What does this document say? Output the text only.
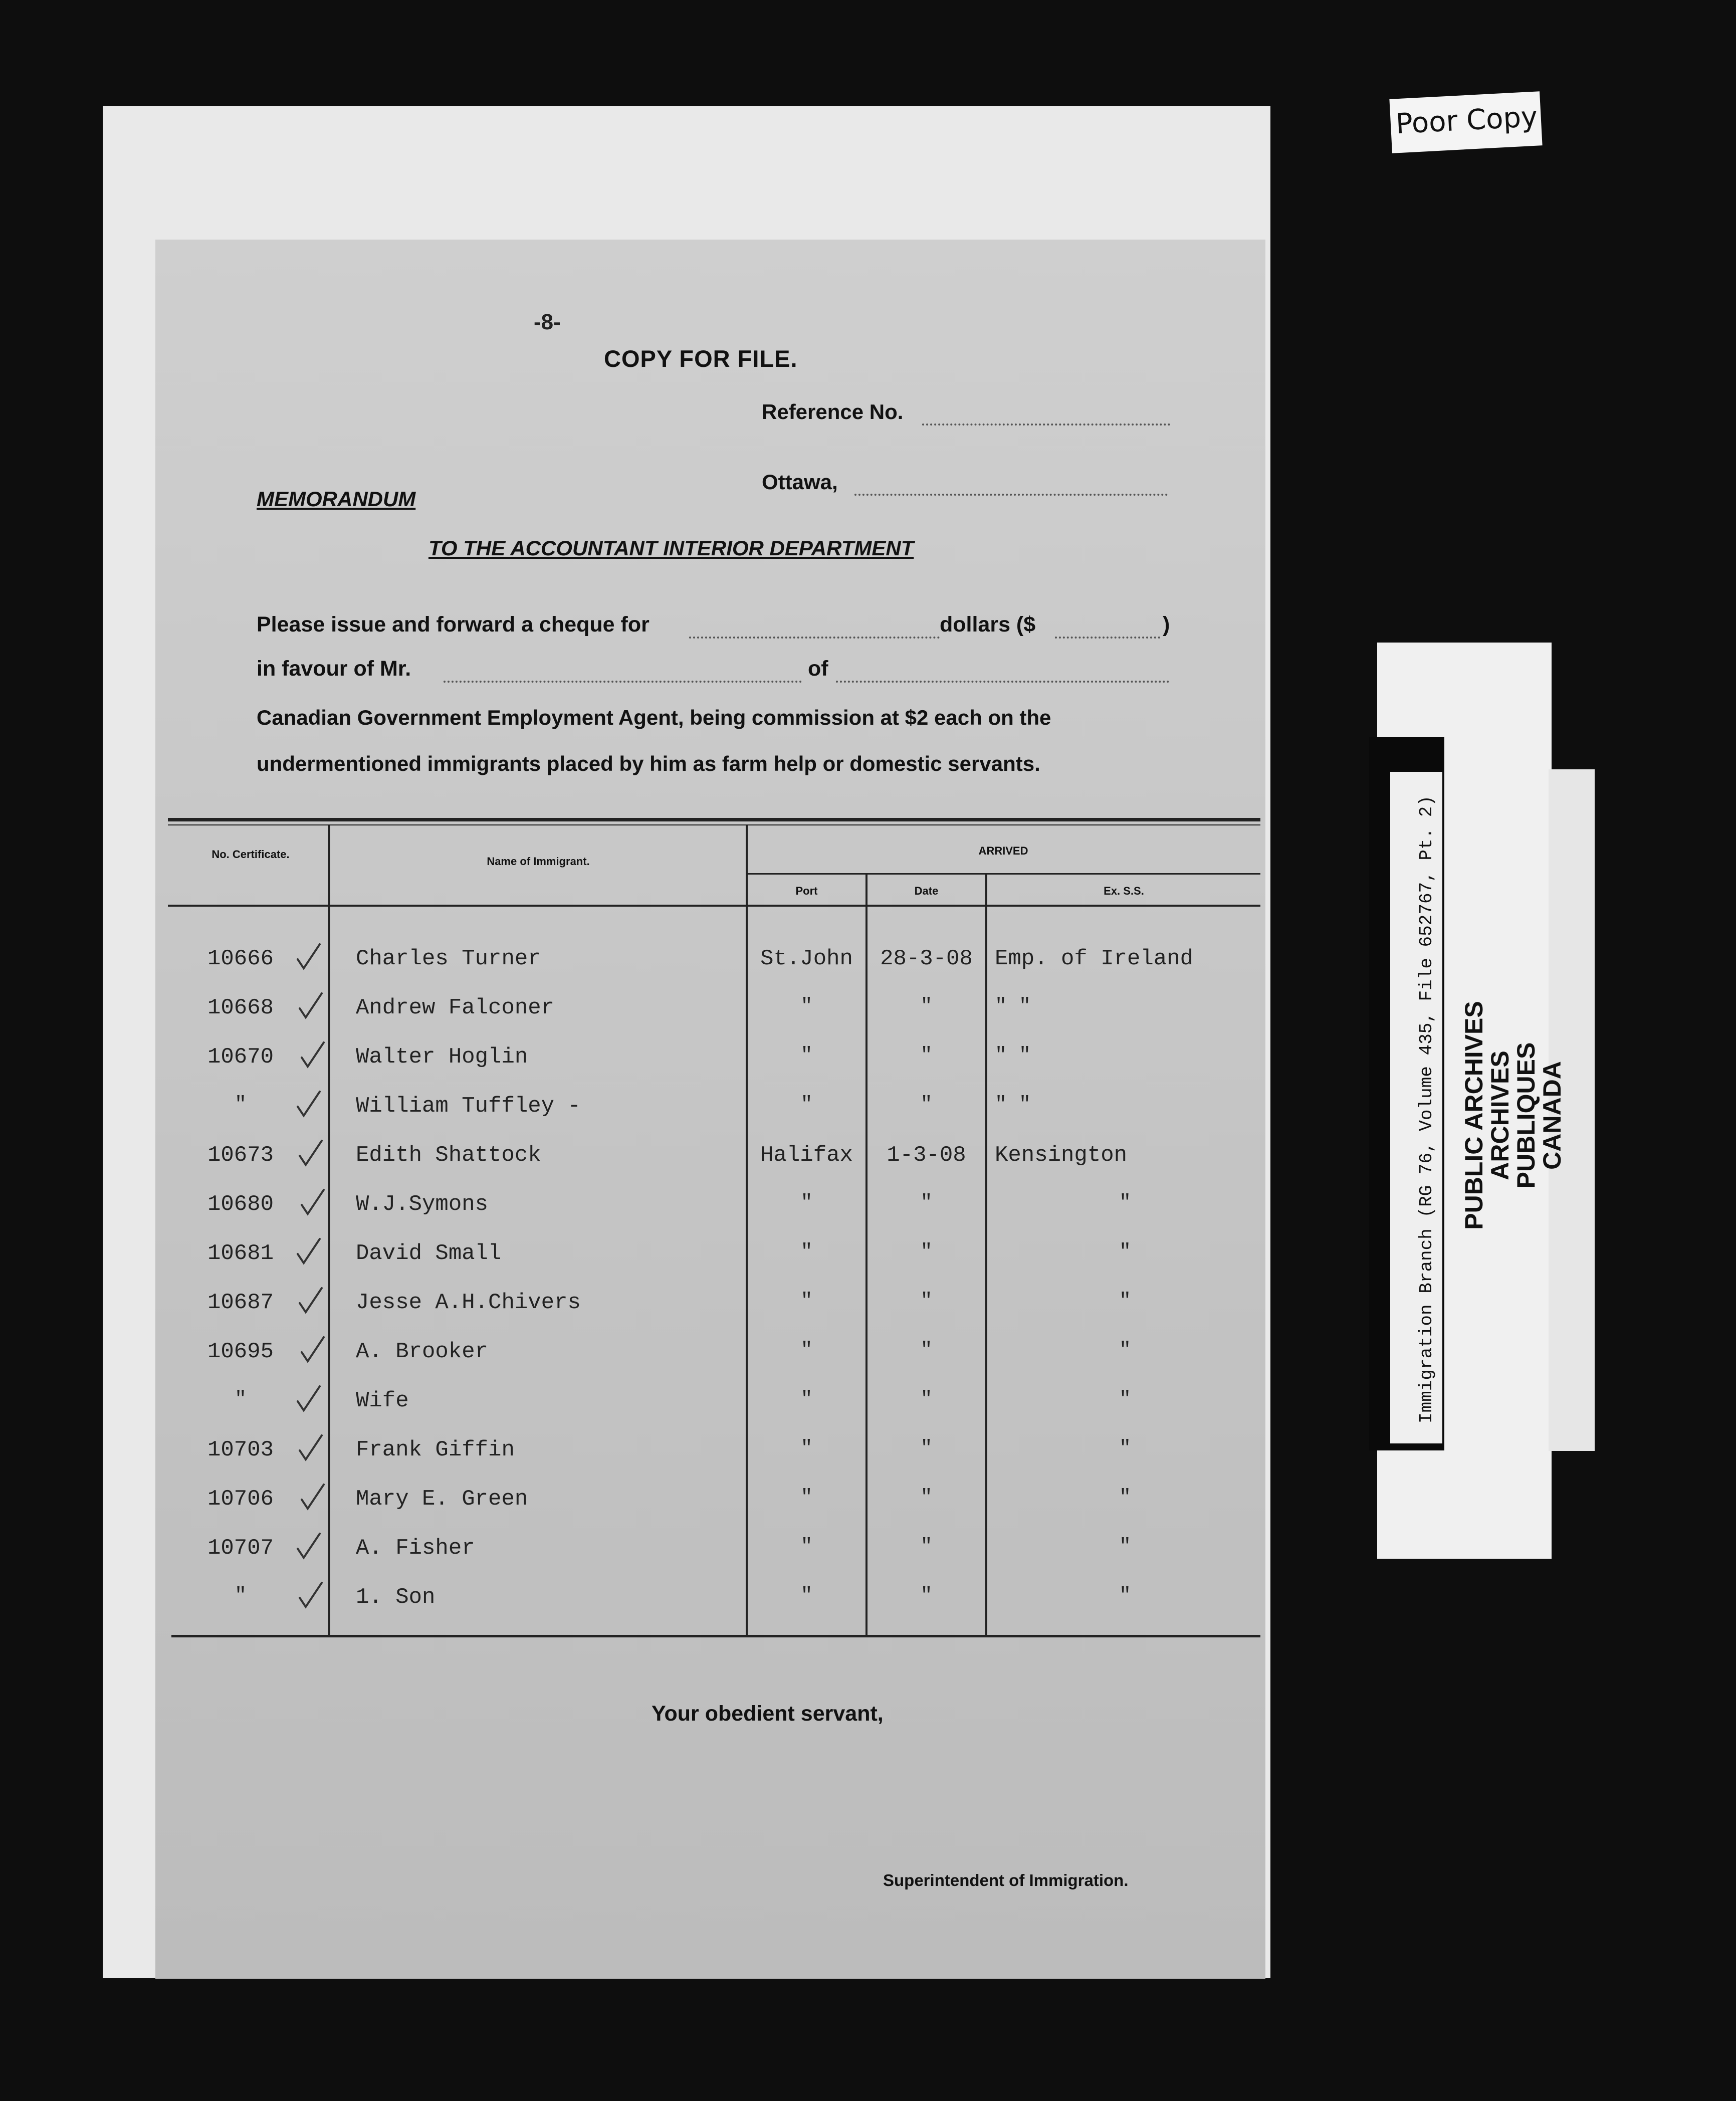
Poor Copy
-8-
COPY FOR FILE.
Reference No.
Ottawa,
MEMORANDUM
TO THE ACCOUNTANT INTERIOR DEPARTMENT
Please issue and forward a cheque for	dollars ($	)
in favour of Mr.	of
Canadian Government Employment Agent, being commission at $2 each on the
undermentioned immigrants placed by him as farm help or domestic servants.
No. Certificate.
Name of Immigrant.
ARRIVED
Port	Date	Ex. S.S.
10666	Charles Turner	St.John	28-3-08	Emp. of Ireland
10668	Andrew Falconer	"	"	" "
10670	Walter Hoglin	"	"	" "
"	William Tuffley -	"	"	" "
10673	Edith Shattock	Halifax	1-3-08	Kensington
10680	W.J.Symons	"	"	"
10681	David Small	"	"	"
10687	Jesse A.H.Chivers	"	"	"
10695	A. Brooker	"	"	"
"	Wife	"	"	"
10703	Frank Giffin	"	"	"
10706	Mary E. Green	"	"	"
10707	A. Fisher	"	"	"
"	1. Son	"	"	"
Your obedient servant,
Superintendent of Immigration.
Immigration Branch (RG 76, Volume 435, File 652767, Pt. 2) PUBLIC ARCHIVES
ARCHIVES PUBLIQUES
CANADA
